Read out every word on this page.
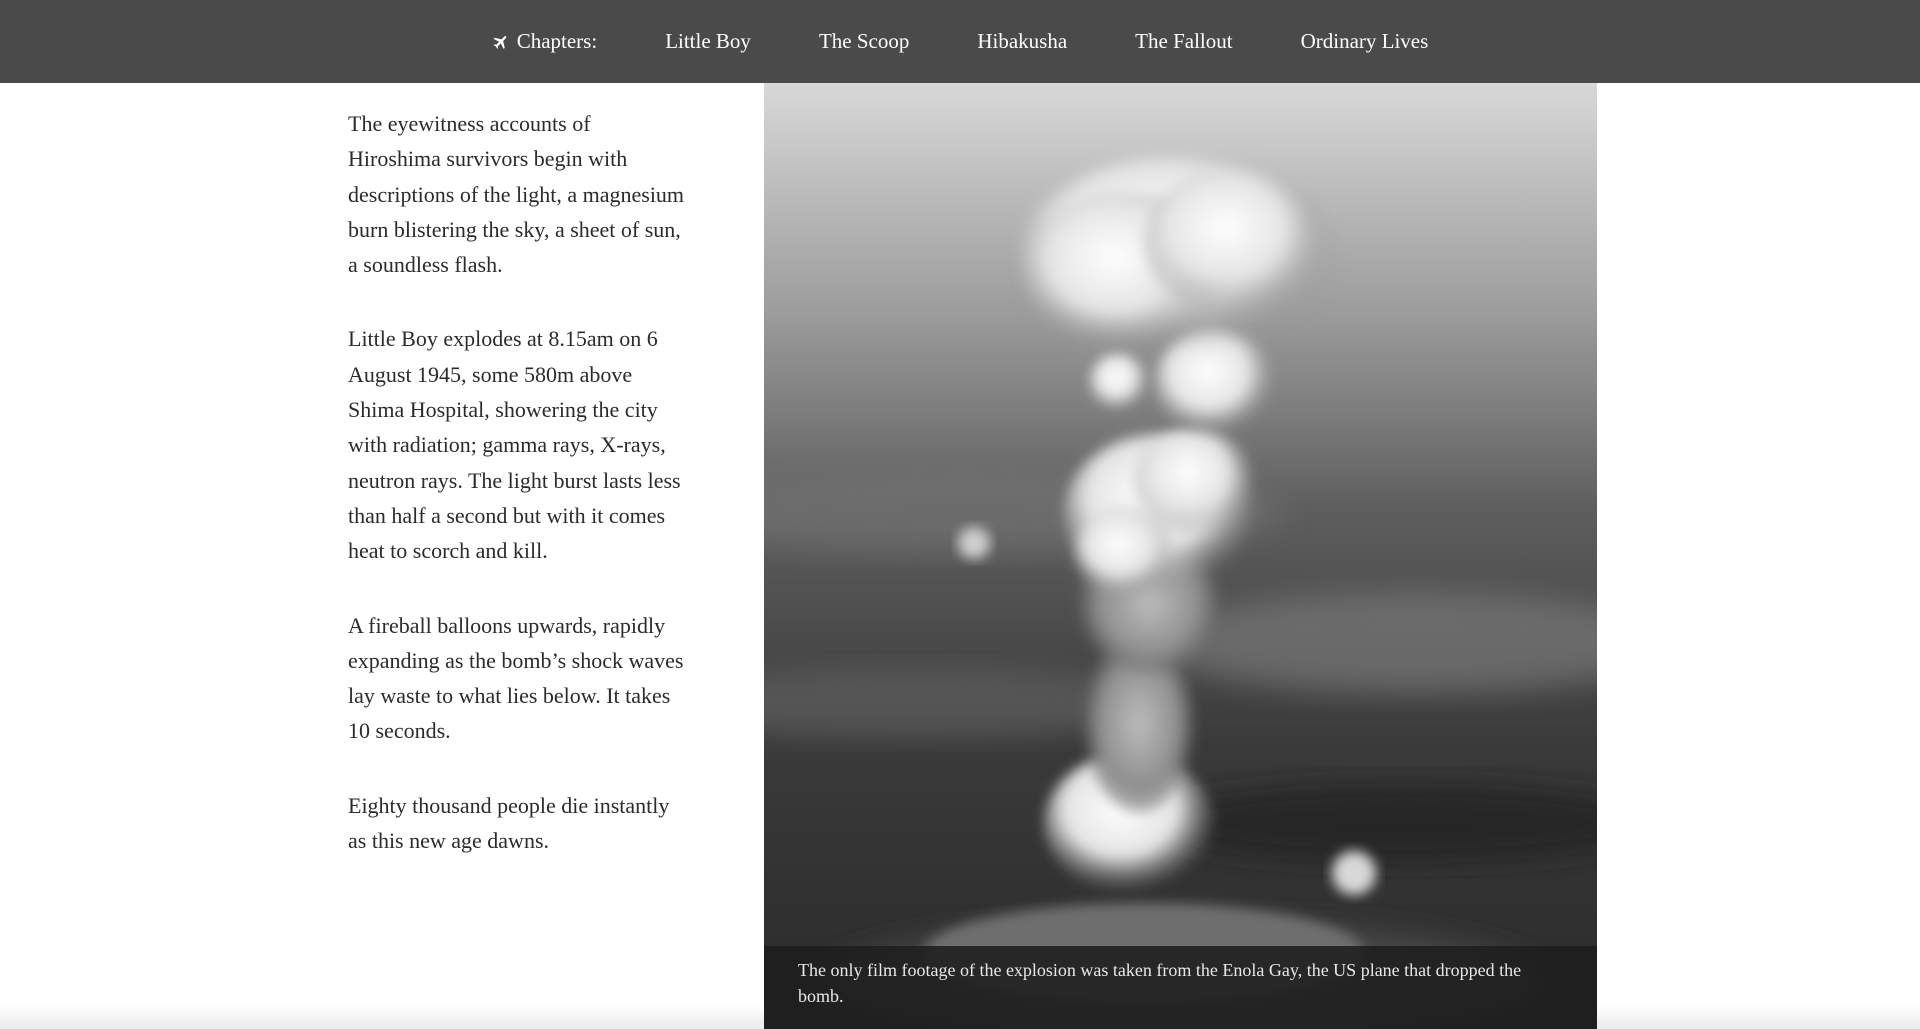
Chapters:	Little Boy	The Scoop	Hibakusha	The Fallout	Ordinary Lives

The eyewitness accounts of Hiroshima survivors begin with descriptions of the light, a magnesium burn blistering the sky, a sheet of sun, a soundless flash.

Little Boy explodes at 8.15am on 6 August 1945, some 580m above Shima Hospital, showering the city with radiation; gamma rays, X-rays, neutron rays. The light burst lasts less than half a second but with it comes heat to scorch and kill.

A fireball balloons upwards, rapidly expanding as the bomb’s shock waves lay waste to what lies below. It takes 10 seconds.

Eighty thousand people die instantly as this new age dawns.

The only film footage of the explosion was taken from the Enola Gay, the US plane that dropped the bomb.
